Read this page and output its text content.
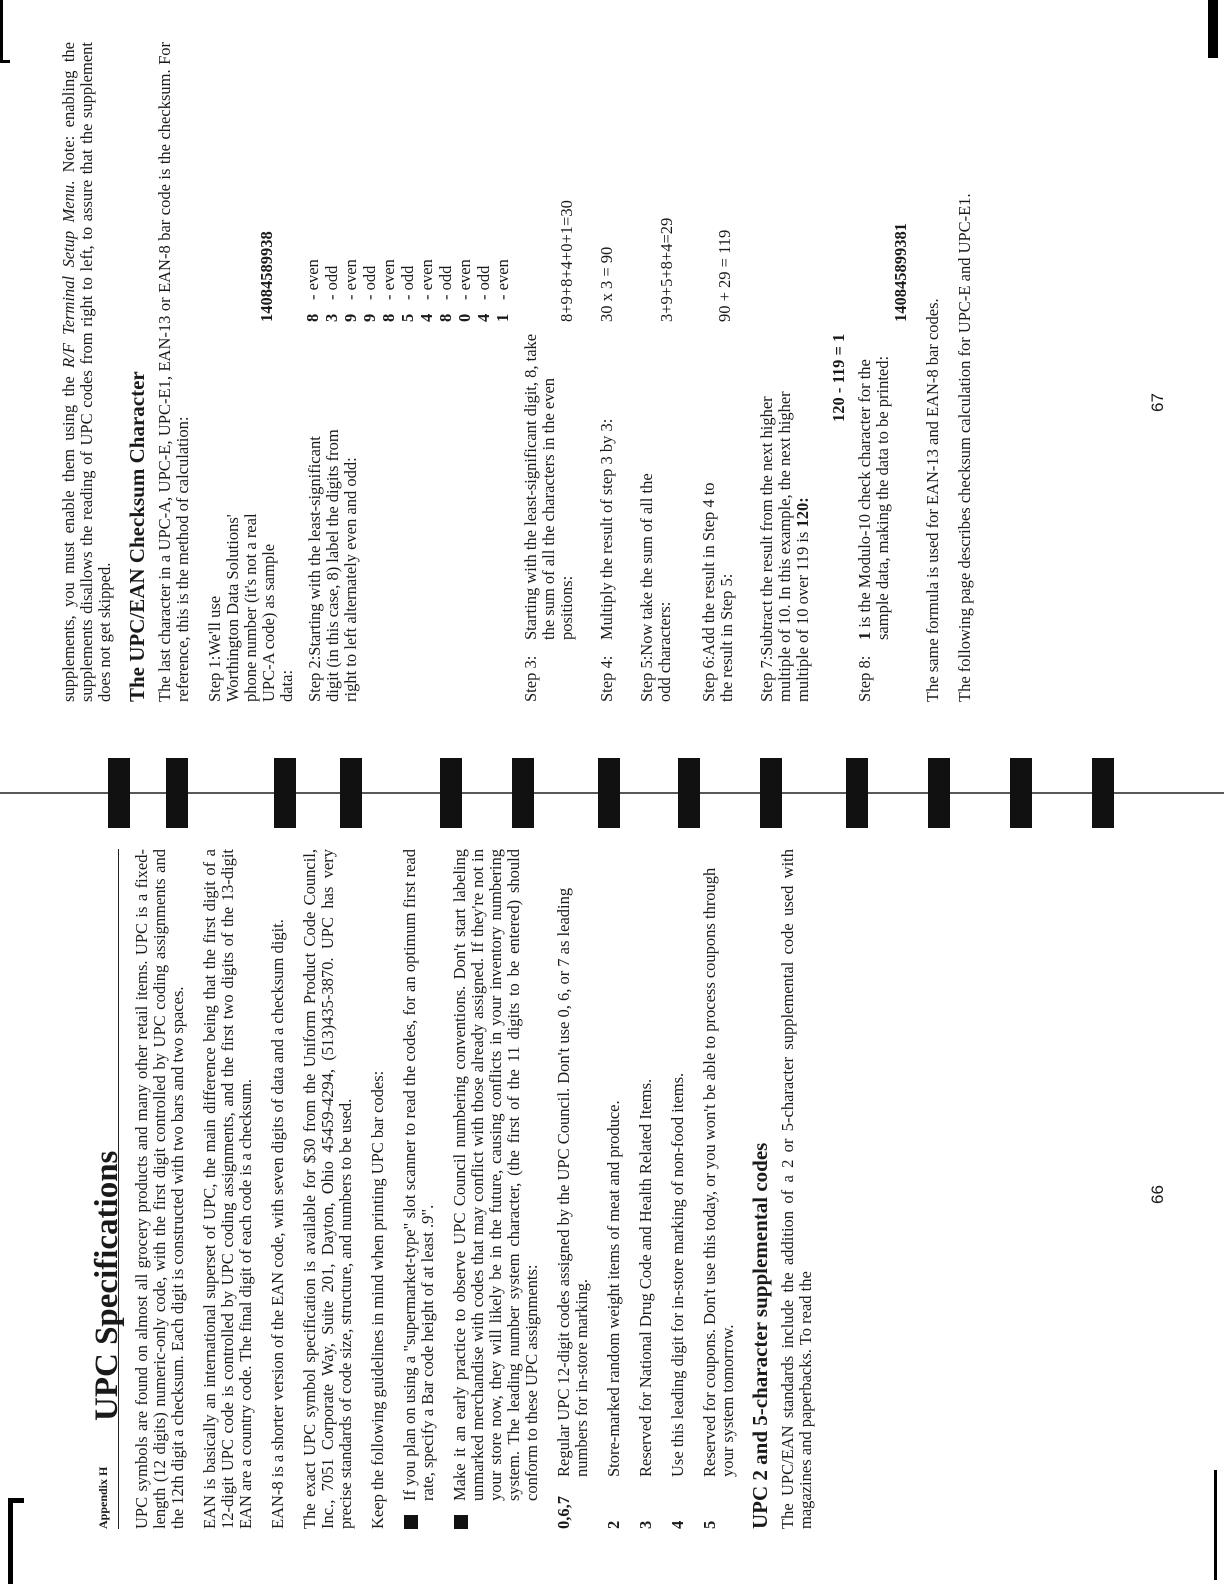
Appendix H
UPC Specifications UPC symbols are found on almost all grocery products and many other retail items. UPC is a fixed-length (12 digits) numeric-only code, with the first digit controlled by UPC coding assignments and the 12th digit a checksum. Each digit is constructed with two bars and two spaces. EAN is basically an international superset of UPC, the main difference being that the first digit of a 12-digit UPC code is controlled by UPC coding assignments, and the first two digits of the 13-digit EAN are a country code. The final digit of each code is a checksum. EAN-8 is a shorter version of the EAN code, with seven digits of data and a checksum digit. The exact UPC symbol specification is available for $30 from the Uniform Product Code Council, Inc., 7051 Corporate Way, Suite 201, Dayton, Ohio 45459-4294, (513)435-3870. UPC has very precise standards of code size, structure, and numbers to be used. Keep the following guidelines in mind when printing UPC bar codes: If you plan on using a "supermarket-type" slot scanner to read the codes, for an optimum first read rate, specify a Bar code height of at least .9". Make it an early practice to observe UPC Council numbering conventions. Don't start labeling unmarked merchandise with codes that may conflict with those already assigned. If they're not in your store now, they will likely be in the future, causing conflicts in your inventory numbering system. The leading number system character, (the first of the 11 digits to be entered) should conform to these UPC assignments:
0,6,7
Regular UPC 12-digit codes assigned by the UPC Council. Don't use 0, 6, or 7 as leading numbers for in-store marking.
2
Store-marked random weight items of meat and produce.
3
Reserved for National Drug Code and Health Related Items.
4
Use this leading digit for in-store marking of non-food items.
5
Reserved for coupons. Don't use this today, or you won't be able to process coupons through your system tomorrow. UPC 2 and 5-character supplemental codes The UPC/EAN standards include the addition of a 2 or 5-character supplemental code used with magazines and paperbacks. To read the

66

supplements, you must enable them using the R/F Terminal Setup Menu. Note: enabling the supplements disallows the reading of UPC codes from right to left, to assure that the supplement does not get skipped. The UPC/EAN Checksum Character The last character in a UPC-A, UPC-E, UPC-E1, EAN-13 or EAN-8 bar code is the checksum. For reference, this is the method of calculation: Step 1:We'll use Worthington Data Solutions' phone number (it's not a real UPC-A code) as sample data:
14084589938
Step 2:Starting with the least-significant digit (in this case, 8) label the digits from right to left alternately even and odd:
8- even
3- odd
9- even
9- odd
8- even
5- odd
4- even
8- odd
0- even
4- odd
1- even
Step 3:
Starting with the least-significant digit, 8, take the sum of all the characters in the even positions:
8+9+8+4+0+1=30
Step 4:
Multiply the result of step 3 by 3:
30 x 3 = 90
Step 5:Now take the sum of all the odd characters:
3+9+5+8+4=29
Step 6:Add the result in Step 4 to the result in Step 5:
90 + 29 = 119
Step 7:Subtract the result from the next higher multiple of 10. In this example, the next higher multiple of 10 over 119 is 120:
120 - 119 = 1
Step 8:
1 is the Modulo-10 check character for the sample data, making the data to be printed:
140845899381

The same formula is used for EAN-13 and EAN-8 bar codes. The following page describes checksum calculation for UPC-E and UPC-E1.	67
